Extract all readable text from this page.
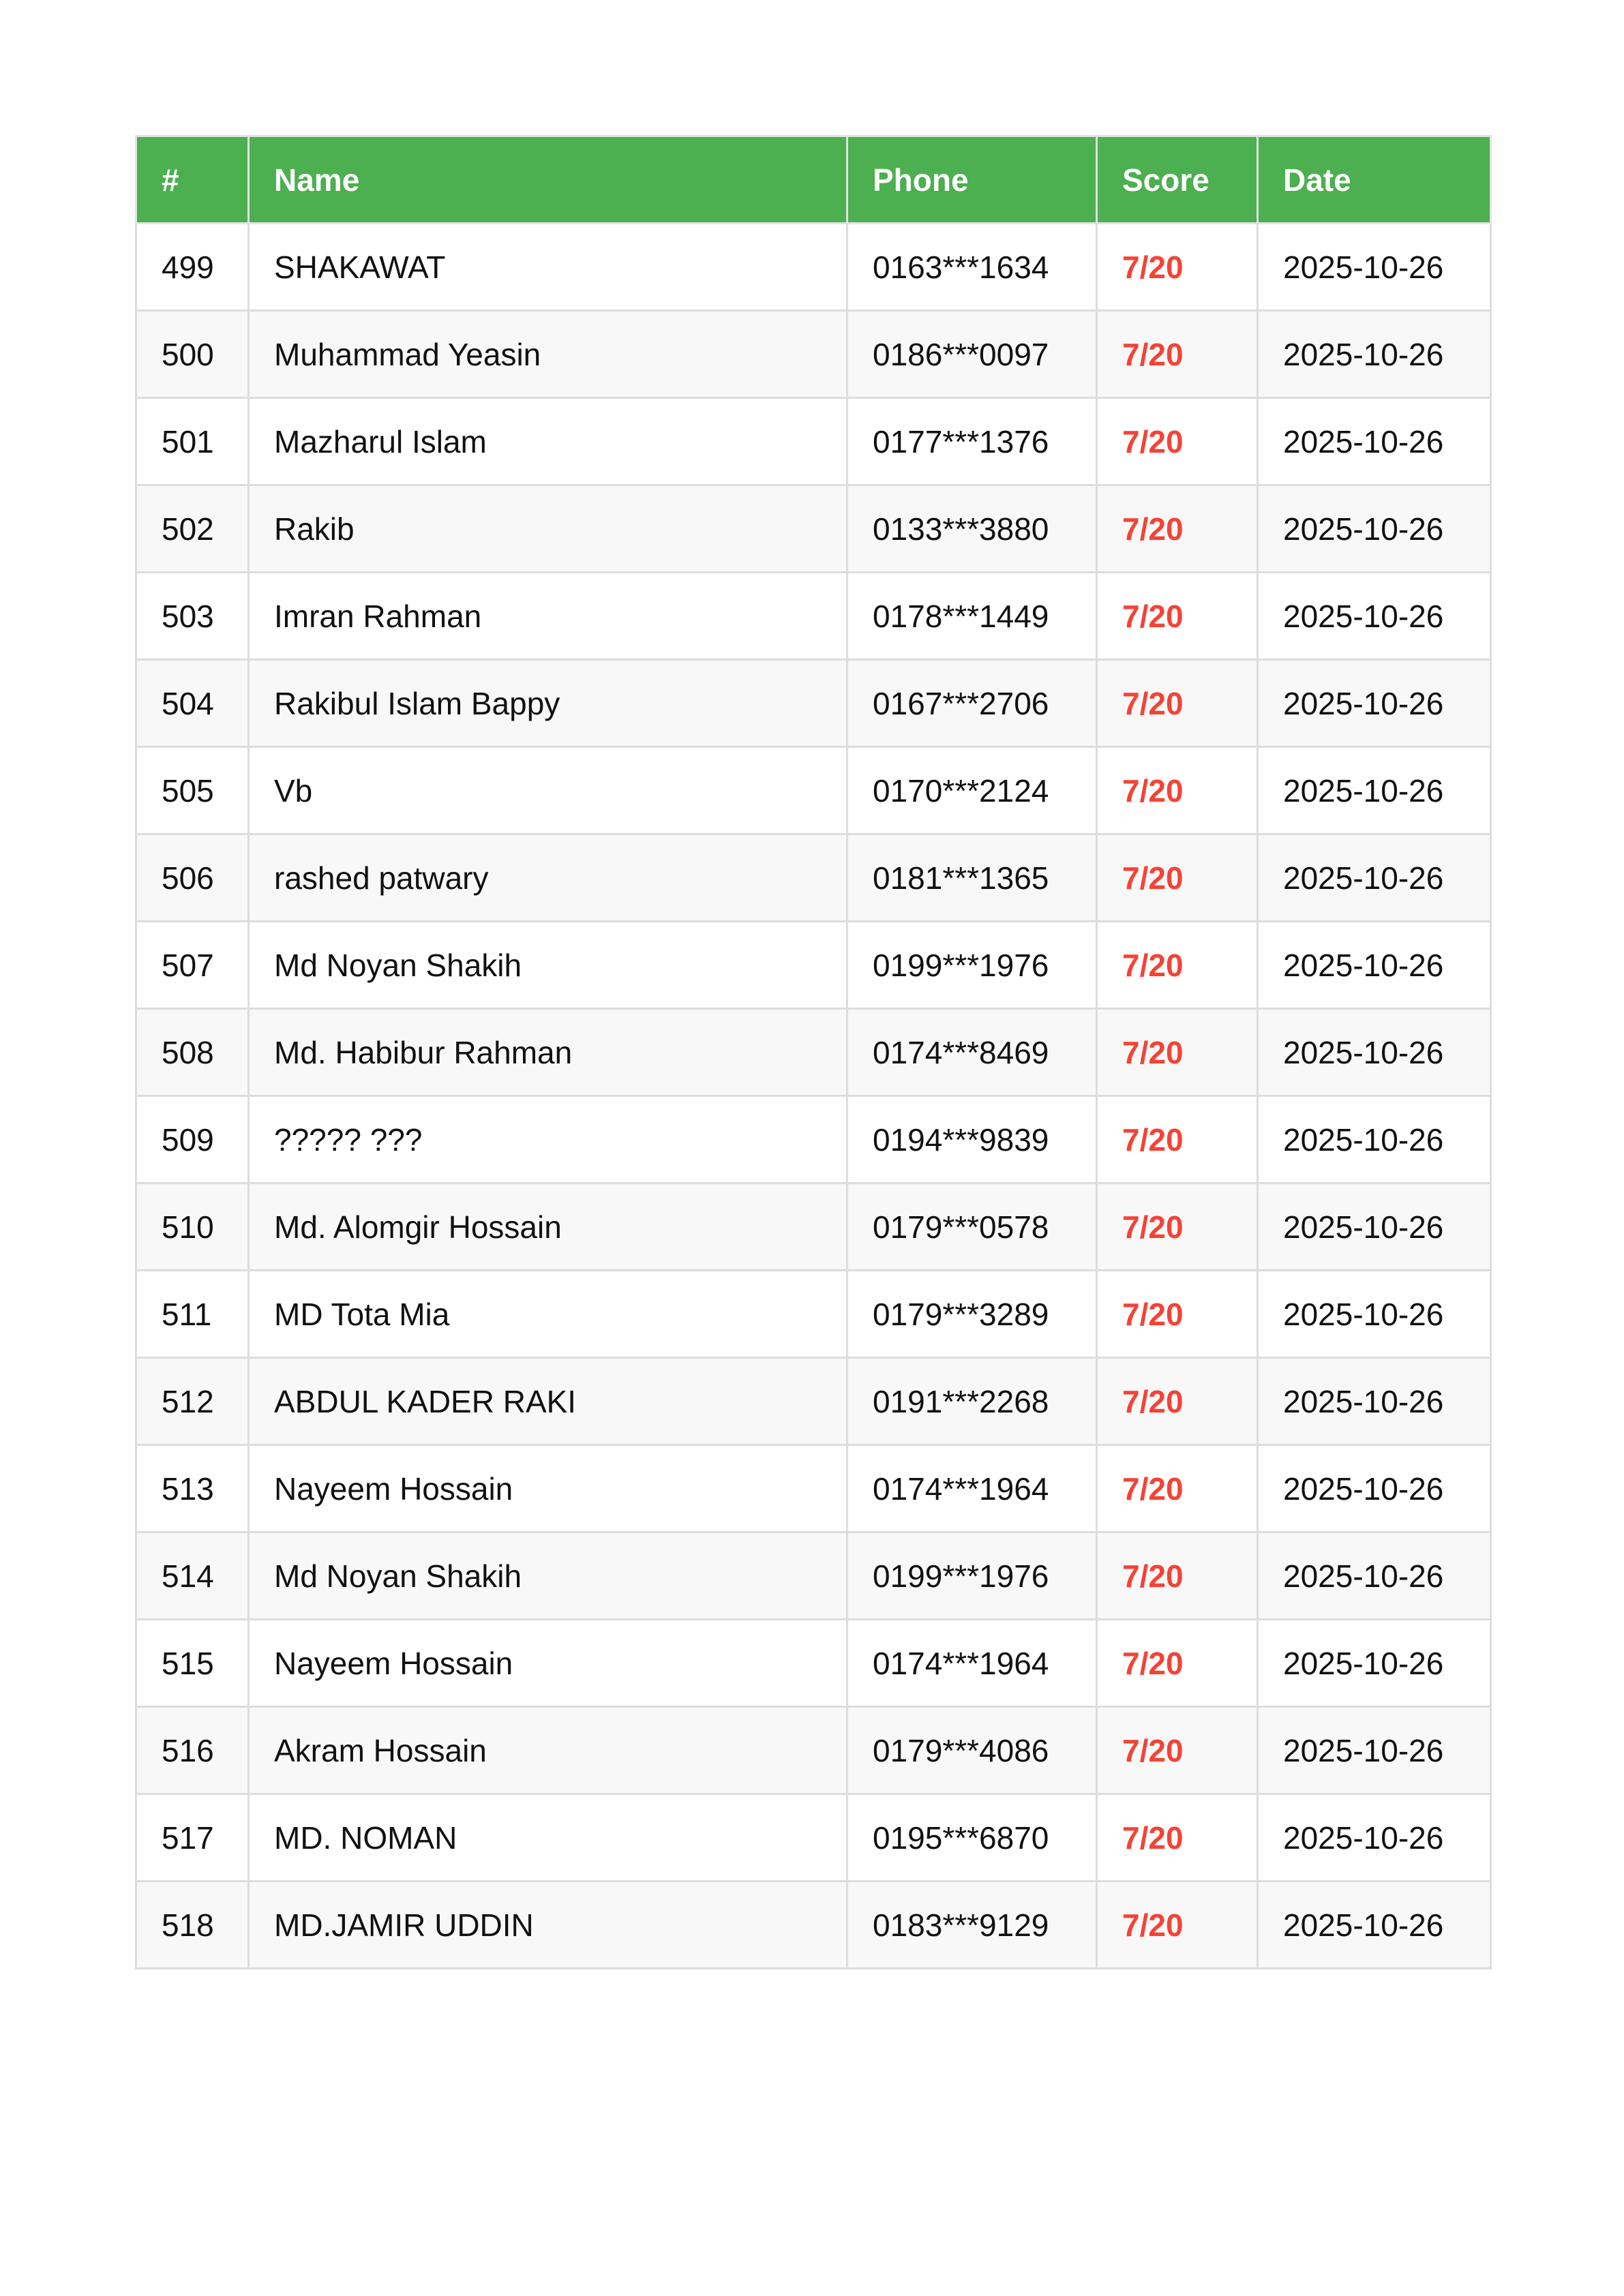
#	Name	Phone	Score	Date
499	SHAKAWAT	0163***1634	7/20	2025-10-26
500	Muhammad Yeasin	0186***0097	7/20	2025-10-26
501	Mazharul Islam	0177***1376	7/20	2025-10-26
502	Rakib	0133***3880	7/20	2025-10-26
503	Imran Rahman	0178***1449	7/20	2025-10-26
504	Rakibul Islam Bappy	0167***2706	7/20	2025-10-26
505	Vb	0170***2124	7/20	2025-10-26
506	rashed patwary	0181***1365	7/20	2025-10-26
507	Md Noyan Shakih	0199***1976	7/20	2025-10-26
508	Md. Habibur Rahman	0174***8469	7/20	2025-10-26
509	????? ???	0194***9839	7/20	2025-10-26
510	Md. Alomgir Hossain	0179***0578	7/20	2025-10-26
511	MD Tota Mia	0179***3289	7/20	2025-10-26
512	ABDUL KADER RAKI	0191***2268	7/20	2025-10-26
513	Nayeem Hossain	0174***1964	7/20	2025-10-26
514	Md Noyan Shakih	0199***1976	7/20	2025-10-26
515	Nayeem Hossain	0174***1964	7/20	2025-10-26
516	Akram Hossain	0179***4086	7/20	2025-10-26
517	MD. NOMAN	0195***6870	7/20	2025-10-26
518	MD.JAMIR UDDIN	0183***9129	7/20	2025-10-26
